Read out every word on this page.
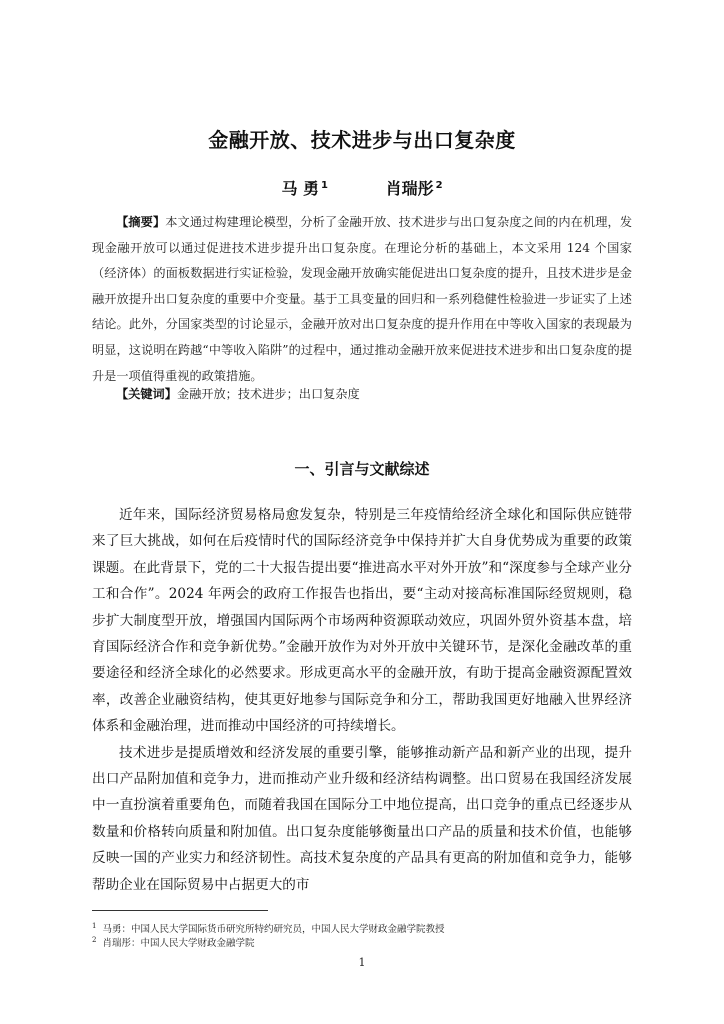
金融开放、技术进步与出口复杂度
马 勇 $^1$	肖瑞彤 $^2$
【摘要】本文通过构建理论模型，分析了金融开放、技术进步与出口复杂度之间的内在机理，发现金融开放可以通过促进技术进步提升出口复杂度。在理论分析的基础上，本文采用 124 个国家（经济体）的面板数据进行实证检验，发现金融开放确实能促进出口复杂度的提升，且技术进步是金融开放提升出口复杂度的重要中介变量。基于工具变量的回归和一系列稳健性检验进一步证实了上述结论。此外，分国家类型的讨论显示，金融开放对出口复杂度的提升作用在中等收入国家的表现最为明显，这说明在跨越“中等收入陷阱”的过程中，通过推动金融开放来促进技术进步和出口复杂度的提升是一项值得重视的政策措施。
【关键词】金融开放；技术进步；出口复杂度
一、引言与文献综述

近年来，国际经济贸易格局愈发复杂，特别是三年疫情给经济全球化和国际供应链带来了巨大挑战，如何在后疫情时代的国际经济竞争中保持并扩大自身优势成为重要的政策课题。在此背景下，党的二十大报告提出要“推进高水平对外开放”和“深度参与全球产业分工和合作”。2024 年两会的政府工作报告也指出，要“主动对接高标准国际经贸规则，稳步扩大制度型开放，增强国内国际两个市场两种资源联动效应，巩固外贸外资基本盘，培育国际经济合作和竞争新优势。”金融开放作为对外开放中关键环节，是深化金融改革的重要途径和经济全球化的必然要求。形成更高水平的金融开放，有助于提高金融资源配置效率，改善企业融资结构，使其更好地参与国际竞争和分工，帮助我国更好地融入世界经济体系和金融治理，进而推动中国经济的可持续增长。

技术进步是提质增效和经济发展的重要引擎，能够推动新产品和新产业的出现，提升出口产品附加值和竞争力，进而推动产业升级和经济结构调整。出口贸易在我国经济发展中一直扮演着重要角色，而随着我国在国际分工中地位提高，出口竞争的重点已经逐步从数量和价格转向质量和附加值。出口复杂度能够衡量出口产品的质量和技术价值，也能够反映一国的产业实力和经济韧性。高技术复杂度的产品具有更高的附加值和竞争力，能够帮助企业在国际贸易中占据更大的市

$^1$ 马勇：中国人民大学国际货币研究所特约研究员，中国人民大学财政金融学院教授
$^2$ 肖瑞彤：中国人民大学财政金融学院
1
